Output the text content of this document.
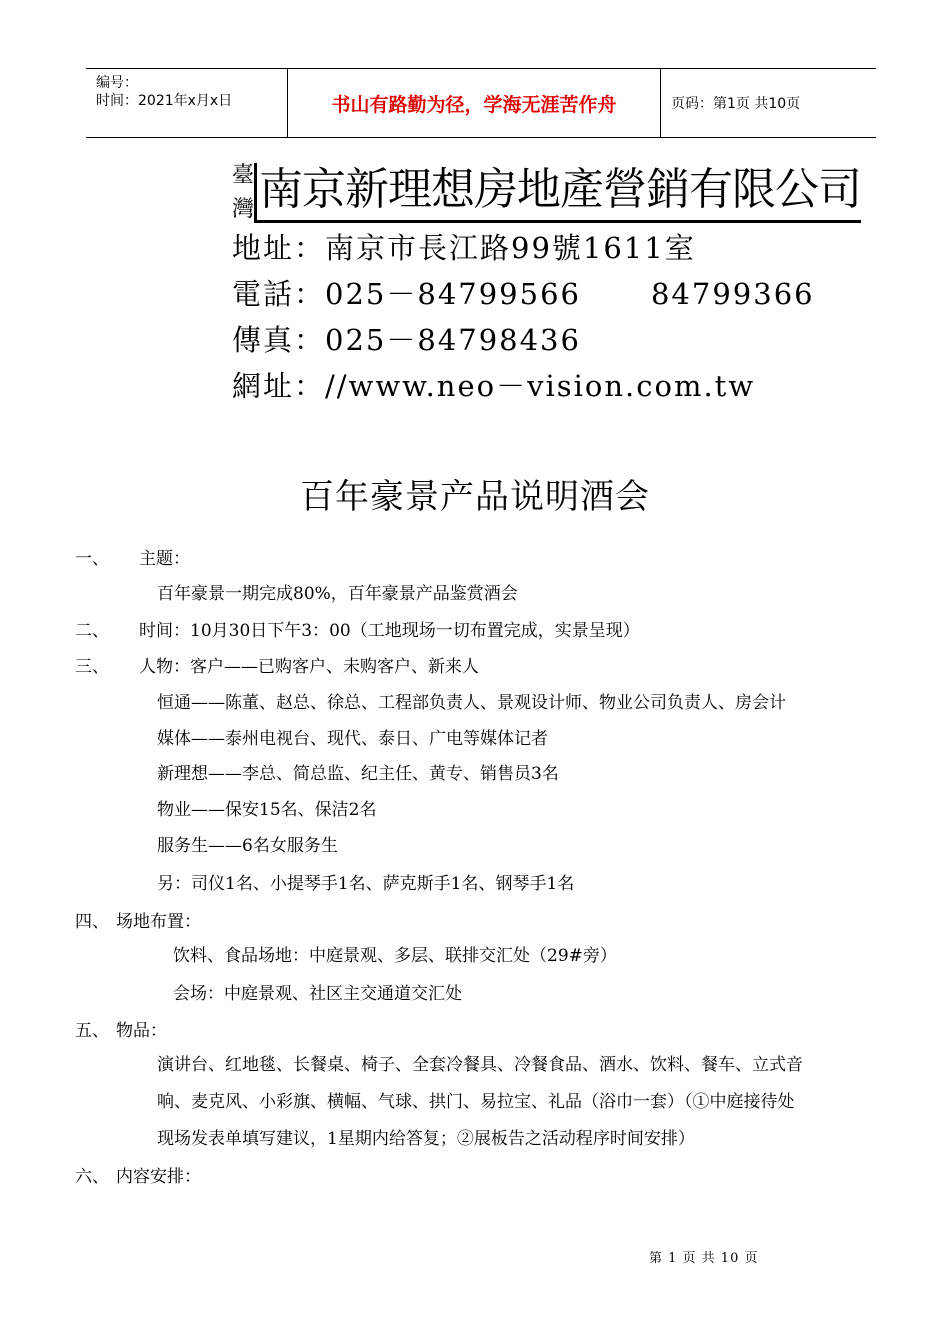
编号：
时间：2021年x月x日	书山有路勤为径，学海无涯苦作舟	页码：第1页 共10页
臺
灣 南京新理想房地產營銷有限公司
地址：南京市長江路99號1611室
電話：025－84799566 84799366
傳真：025－84798436
網址：//www.neo－vision.com.tw
百年豪景产品说明酒会
一、 主题：
百年豪景一期完成80%，百年豪景产品鉴赏酒会
二、 时间：10月30日下午3：00（工地现场一切布置完成，实景呈现）
三、 人物：客户——已购客户、未购客户、新来人
恒通——陈董、赵总、徐总、工程部负责人、景观设计师、物业公司负责人、房会计
媒体——泰州电视台、现代、泰日、广电等媒体记者
新理想——李总、简总监、纪主任、黄专、销售员3名
物业——保安15名、保洁2名
服务生——6名女服务生
另：司仪1名、小提琴手1名、萨克斯手1名、钢琴手1名
四、 场地布置：
饮料、食品场地：中庭景观、多层、联排交汇处（29#旁）
会场：中庭景观、社区主交通道交汇处
五、 物品：
演讲台、红地毯、长餐桌、椅子、全套冷餐具、冷餐食品、酒水、饮料、餐车、立式音
响、麦克风、小彩旗、横幅、气球、拱门、易拉宝、礼品（浴巾一套）（①中庭接待处
现场发表单填写建议，1星期内给答复；②展板告之活动程序时间安排）
六、 内容安排：
第 1 页 共 10 页
